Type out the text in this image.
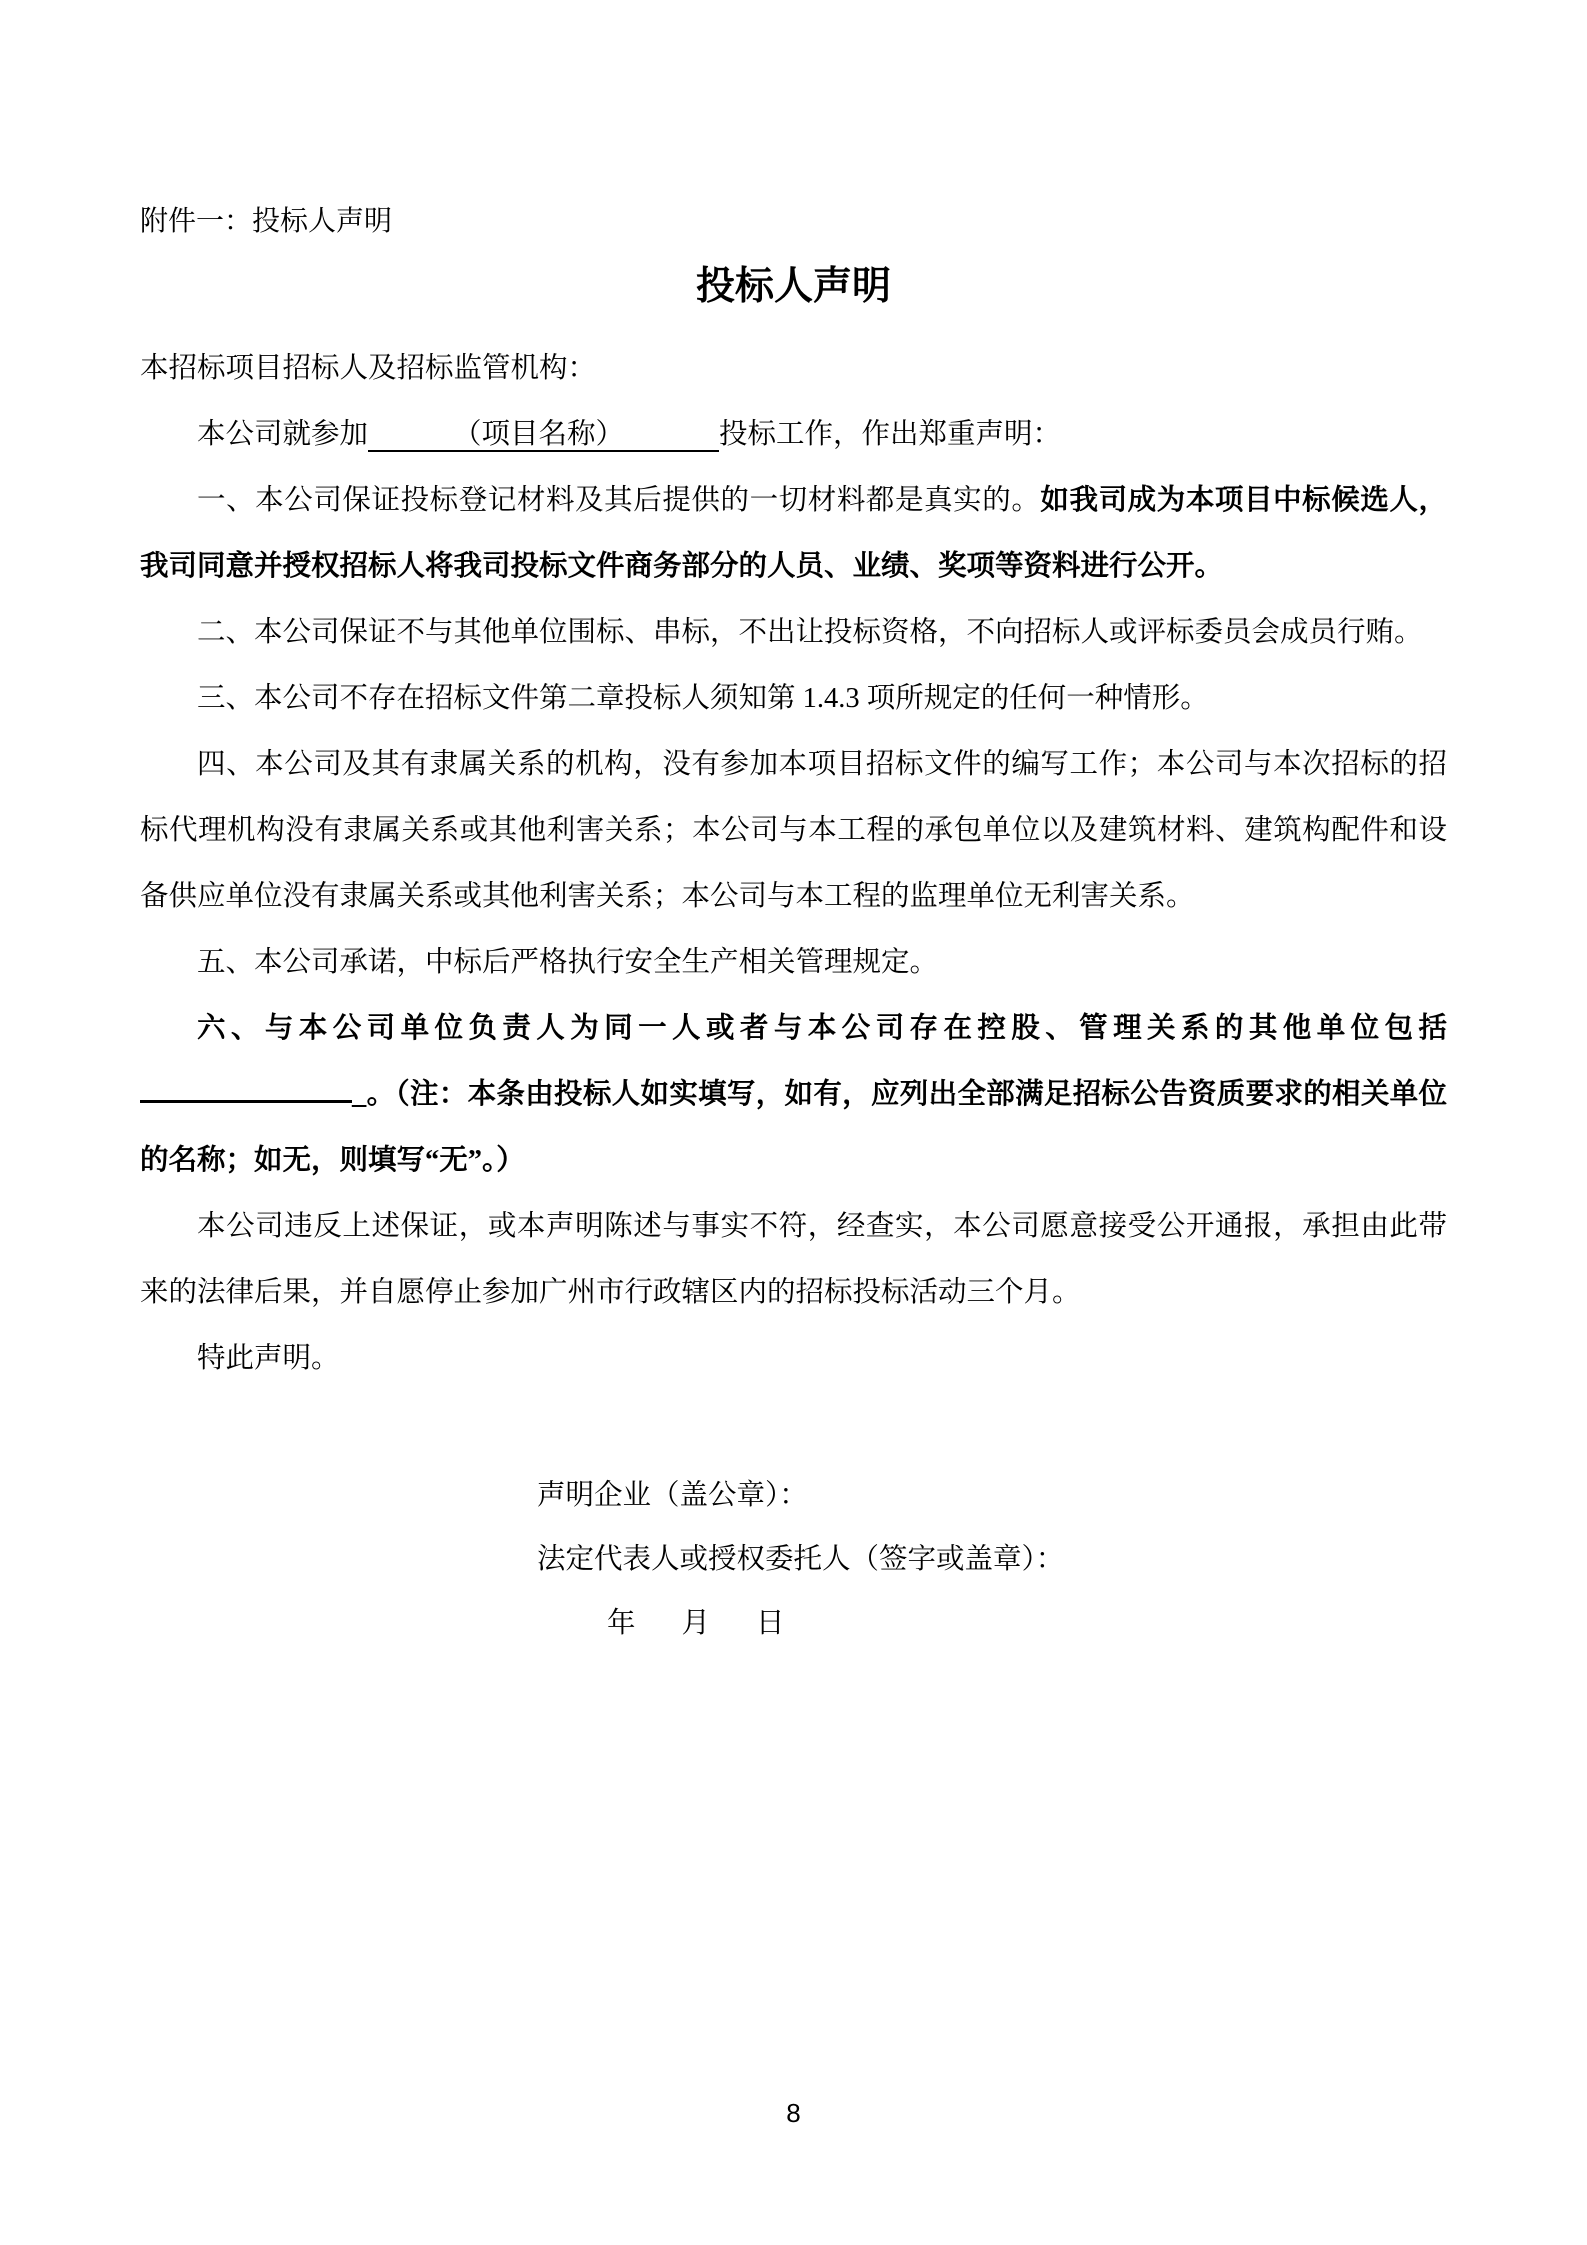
附件一：投标人声明
投标人声明

本招标项目招标人及招标监管机构：

本公司就参加	（项目名称）	投标工作，作出郑重声明：

一、本公司保证投标登记材料及其后提供的一切材料都是真实的。如我司成为本项目中标候选人，我司同意并授权招标人将我司投标文件商务部分的人员、业绩、奖项等资料进行公开。

二、本公司保证不与其他单位围标、串标，不出让投标资格，不向招标人或评标委员会成员行贿。

三、本公司不存在招标文件第二章投标人须知第 1.4.3 项所规定的任何一种情形。

四、本公司及其有隶属关系的机构，没有参加本项目招标文件的编写工作；本公司与本次招标的招标代理机构没有隶属关系或其他利害关系；本公司与本工程的承包单位以及建筑材料、建筑构配件和设备供应单位没有隶属关系或其他利害关系；本公司与本工程的监理单位无利害关系。

五、本公司承诺，中标后严格执行安全生产相关管理规定。

六、与本公司单位负责人为同一人或者与本公司存在控股、管理关系的其他单位包括_。（注：本条由投标人如实填写，如有，应列出全部满足招标公告资质要求的相关单位的名称；如无，则填写“无”。）

本公司违反上述保证，或本声明陈述与事实不符，经查实，本公司愿意接受公开通报，承担由此带来的法律后果，并自愿停止参加广州市行政辖区内的招标投标活动三个月。

特此声明。

声明企业（盖公章）：
法定代表人或授权委托人（签字或盖章）：
年 月 日
8
